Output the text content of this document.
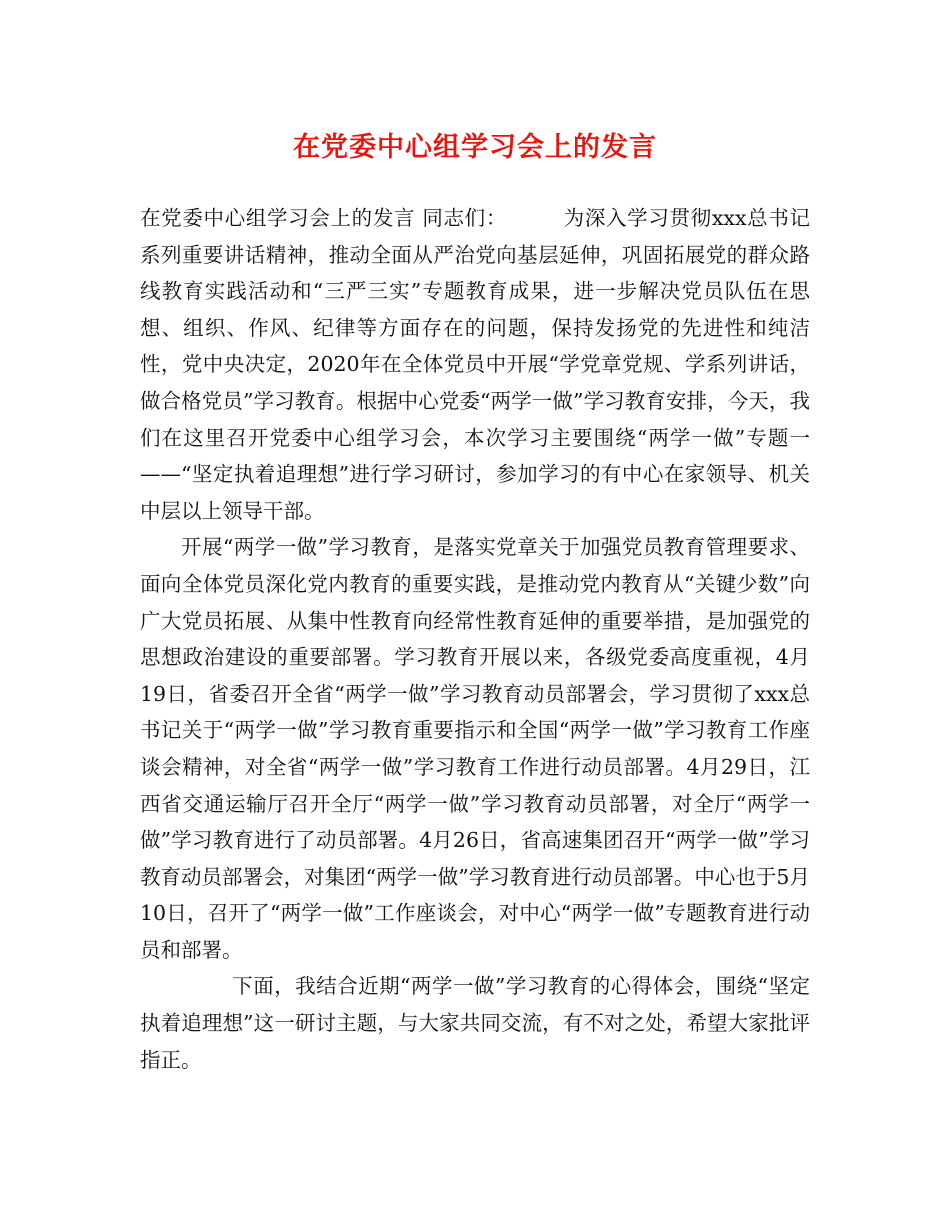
在党委中心组学习会上的发言

在党委中心组学习会上的发言 同志们：	为深入学习贯彻xxx总书记系列重要讲话精神，推动全面从严治党向基层延伸，巩固拓展党的群众路线教育实践活动和“三严三实”专题教育成果，进一步解决党员队伍在思想、组织、作风、纪律等方面存在的问题，保持发扬党的先进性和纯洁性，党中央决定，2020年在全体党员中开展“学党章党规、学系列讲话，做合格党员”学习教育。根据中心党委“两学一做”学习教育安排，今天，我们在这里召开党委中心组学习会，本次学习主要围绕“两学一做”专题一——“坚定执着追理想”进行学习研讨，参加学习的有中心在家领导、机关中层以上领导干部。

开展“两学一做”学习教育，是落实党章关于加强党员教育管理要求、面向全体党员深化党内教育的重要实践，是推动党内教育从“关键少数”向广大党员拓展、从集中性教育向经常性教育延伸的重要举措，是加强党的思想政治建设的重要部署。学习教育开展以来，各级党委高度重视，4月19日，省委召开全省“两学一做”学习教育动员部署会，学习贯彻了xxx总书记关于“两学一做”学习教育重要指示和全国“两学一做”学习教育工作座谈会精神，对全省“两学一做”学习教育工作进行动员部署。4月29日，江西省交通运输厅召开全厅“两学一做”学习教育动员部署，对全厅“两学一做”学习教育进行了动员部署。4月26日，省高速集团召开“两学一做”学习教育动员部署会，对集团“两学一做”学习教育进行动员部署。中心也于5月10日，召开了“两学一做”工作座谈会，对中心“两学一做”专题教育进行动员和部署。

下面，我结合近期“两学一做”学习教育的心得体会，围绕“坚定执着追理想”这一研讨主题，与大家共同交流，有不对之处，希望大家批评指正。
